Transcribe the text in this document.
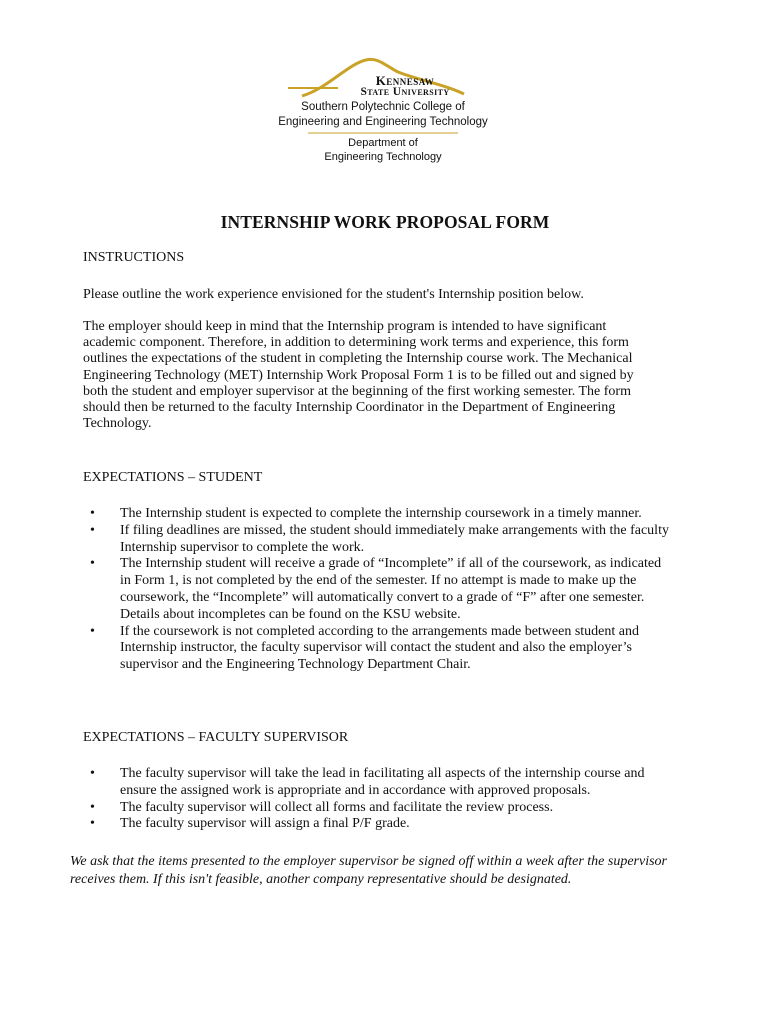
Kennesaw
State University
Southern Polytechnic College of
Engineering and Engineering Technology
Department of
Engineering Technology
INTERNSHIP WORK PROPOSAL FORM
INSTRUCTIONS
Please outline the work experience envisioned for the student's Internship position below.
The employer should keep in mind that the Internship program is intended to have significant academic component. Therefore, in addition to determining work terms and experience, this form outlines the expectations of the student in completing the Internship course work. The Mechanical Engineering Technology (MET) Internship Work Proposal Form 1 is to be filled out and signed by both the student and employer supervisor at the beginning of the first working semester. The form should then be returned to the faculty Internship Coordinator in the Department of Engineering Technology.
EXPECTATIONS – STUDENT
• The Internship student is expected to complete the internship coursework in a timely manner.
• If filing deadlines are missed, the student should immediately make arrangements with the faculty Internship supervisor to complete the work.
• The Internship student will receive a grade of “Incomplete” if all of the coursework, as indicated in Form 1, is not completed by the end of the semester. If no attempt is made to make up the coursework, the “Incomplete” will automatically convert to a grade of “F” after one semester. Details about incompletes can be found on the KSU website.
• If the coursework is not completed according to the arrangements made between student and Internship instructor, the faculty supervisor will contact the student and also the employer’s supervisor and the Engineering Technology Department Chair.
EXPECTATIONS – FACULTY SUPERVISOR
• The faculty supervisor will take the lead in facilitating all aspects of the internship course and ensure the assigned work is appropriate and in accordance with approved proposals.
• The faculty supervisor will collect all forms and facilitate the review process.
• The faculty supervisor will assign a final P/F grade.
We ask that the items presented to the employer supervisor be signed off within a week after the supervisor receives them. If this isn't feasible, another company representative should be designated.
